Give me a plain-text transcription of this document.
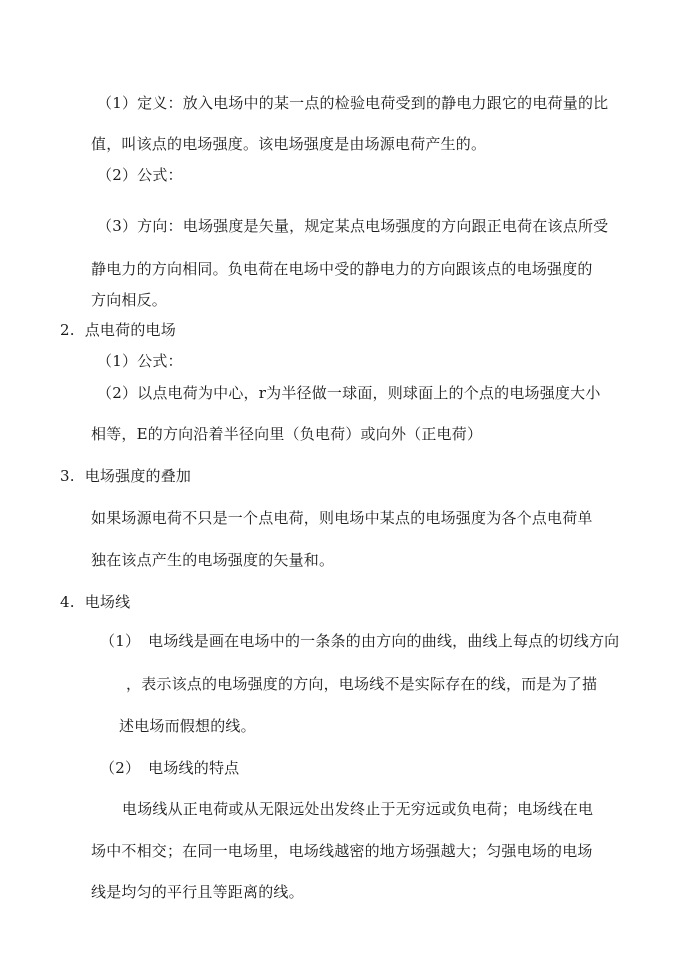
（1）定义：放入电场中的某一点的检验电荷受到的静电力跟它的电荷量的比
值，叫该点的电场强度。该电场强度是由场源电荷产生的。
（2）公式：
（3）方向：电场强度是矢量，规定某点电场强度的方向跟正电荷在该点所受
静电力的方向相同。负电荷在电场中受的静电力的方向跟该点的电场强度的
方向相反。
2. 点电荷的电场
（1）公式：
（2）以点电荷为中心，r为半径做一球面，则球面上的个点的电场强度大小
相等，E的方向沿着半径向里（负电荷）或向外（正电荷）
3. 电场强度的叠加
如果场源电荷不只是一个点电荷，则电场中某点的电场强度为各个点电荷单
独在该点产生的电场强度的矢量和。
4. 电场线
（1） 电场线是画在电场中的一条条的由方向的曲线，曲线上每点的切线方向
，表示该点的电场强度的方向，电场线不是实际存在的线，而是为了描
述电场而假想的线。
（2） 电场线的特点
电场线从正电荷或从无限远处出发终止于无穷远或负电荷；电场线在电
场中不相交；在同一电场里，电场线越密的地方场强越大；匀强电场的电场
线是均匀的平行且等距离的线。
